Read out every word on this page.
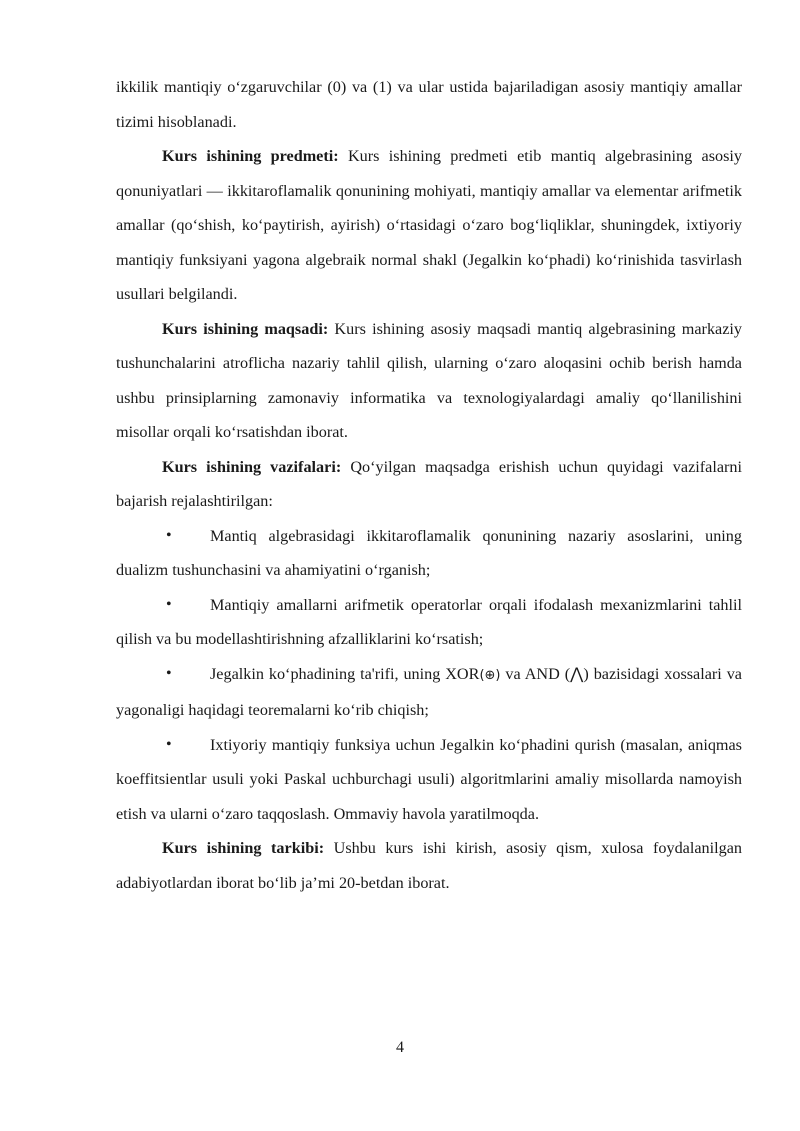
ikkilik mantiqiy o‘zgaruvchilar (0) va (1) va ular ustida bajariladigan asosiy mantiqiy amallar tizimi hisoblanadi.

Kurs ishining predmeti: Kurs ishining predmeti etib mantiq algebrasining asosiy qonuniyatlari — ikkitaroflamalik qonunining mohiyati, mantiqiy amallar va elementar arifmetik amallar (qo‘shish, ko‘paytirish, ayirish) o‘rtasidagi o‘zaro bog‘liqliklar, shuningdek, ixtiyoriy mantiqiy funksiyani yagona algebraik normal shakl (Jegalkin ko‘phadi) ko‘rinishida tasvirlash usullari belgilandi.

Kurs ishining maqsadi: Kurs ishining asosiy maqsadi mantiq algebrasining markaziy tushunchalarini atroflicha nazariy tahlil qilish, ularning o‘zaro aloqasini ochib berish hamda ushbu prinsiplarning zamonaviy informatika va texnologiyalardagi amaliy qo‘llanilishini misollar orqali ko‘rsatishdan iborat.

Kurs ishining vazifalari: Qo‘yilgan maqsadga erishish uchun quyidagi vazifalarni bajarish rejalashtirilgan:

• Mantiq algebrasidagi ikkitaroflamalik qonunining nazariy asoslarini, uning dualizm tushunchasini va ahamiyatini o‘rganish;

• Mantiqiy amallarni arifmetik operatorlar orqali ifodalash mexanizmlarini tahlil qilish va bu modellashtirishning afzalliklarini ko‘rsatish;

• Jegalkin ko‘phadining ta'rifi, uning XOR(⊕) va AND (⋀) bazisidagi xossalari va yagonaligi haqidagi teoremalarni ko‘rib chiqish;

• Ixtiyoriy mantiqiy funksiya uchun Jegalkin ko‘phadini qurish (masalan, aniqmas koeffitsientlar usuli yoki Paskal uchburchagi usuli) algoritmlarini amaliy misollarda namoyish etish va ularni o‘zaro taqqoslash. Ommaviy havola yaratilmoqda.

Kurs ishining tarkibi: Ushbu kurs ishi kirish, asosiy qism, xulosa foydalanilgan adabiyotlardan iborat bo‘lib ja’mi 20-betdan iborat.

4
